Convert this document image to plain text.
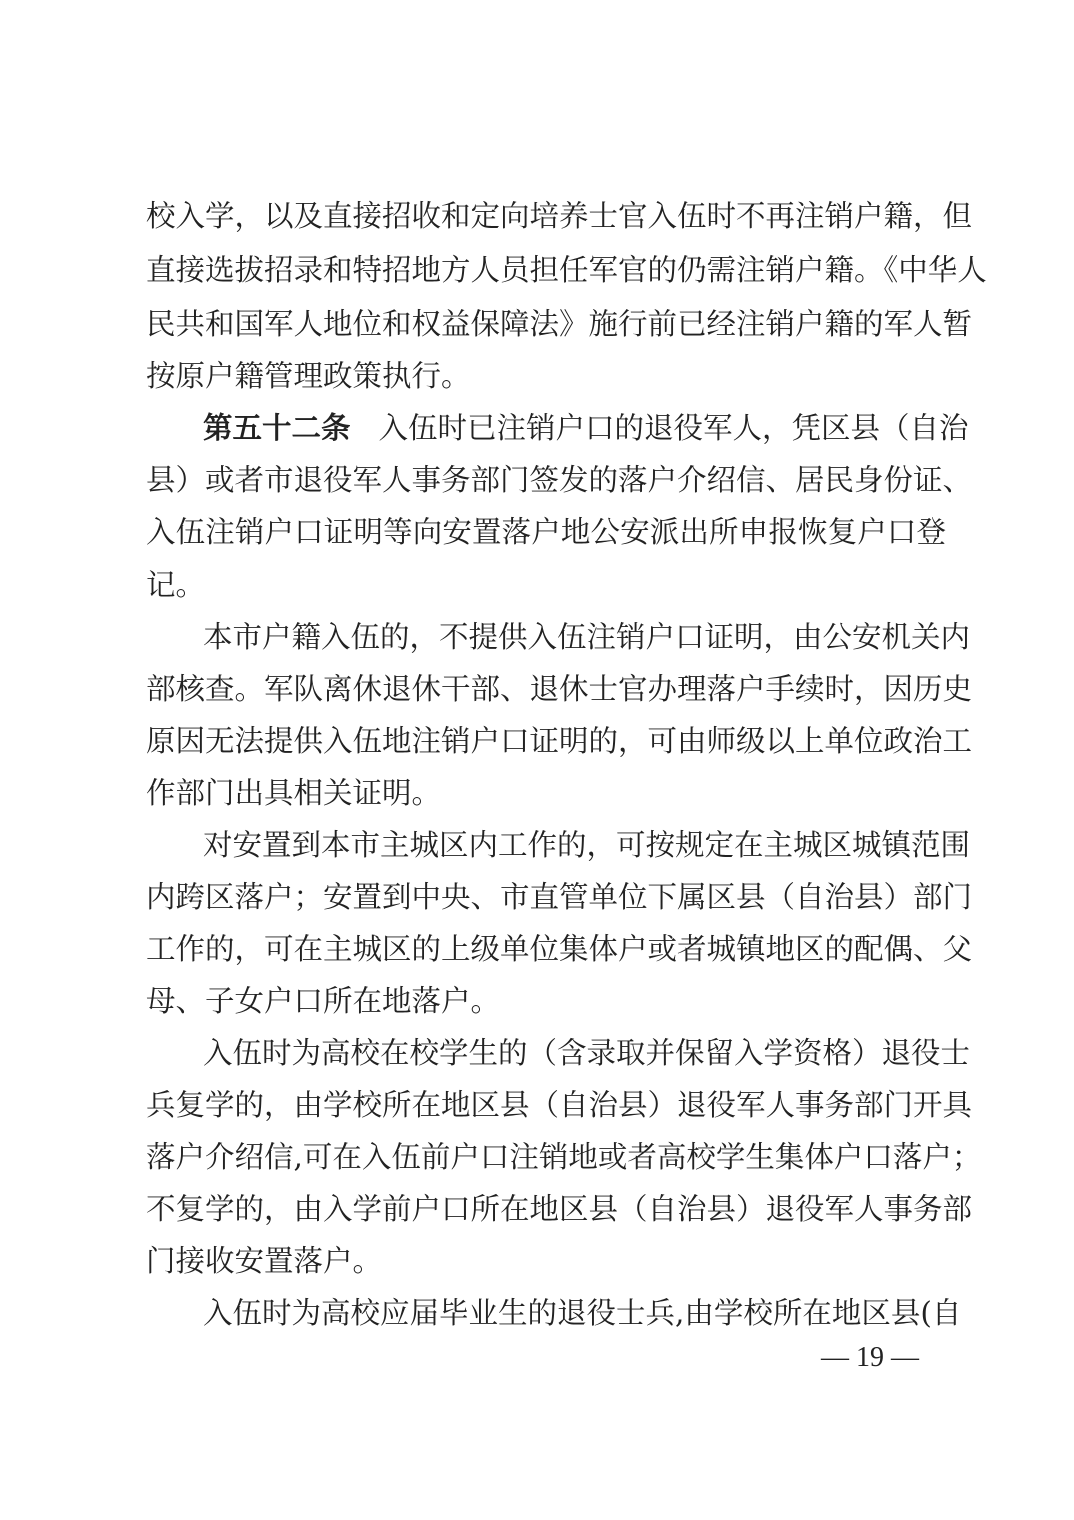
校入学，以及直接招收和定向培养士官入伍时不再注销户籍，但
直接选拔招录和特招地方人员担任军官的仍需注销户籍。《中华人
民共和国军人地位和权益保障法》施行前已经注销户籍的军人暂
按原户籍管理政策执行。
第五十二条 入伍时已注销户口的退役军人，凭区县（自治
县）或者市退役军人事务部门签发的落户介绍信、居民身份证、
入伍注销户口证明等向安置落户地公安派出所申报恢复户口登
记。
本市户籍入伍的，不提供入伍注销户口证明，由公安机关内
部核查。军队离休退休干部、退休士官办理落户手续时，因历史
原因无法提供入伍地注销户口证明的，可由师级以上单位政治工
作部门出具相关证明。
对安置到本市主城区内工作的，可按规定在主城区城镇范围
内跨区落户；安置到中央、市直管单位下属区县（自治县）部门
工作的，可在主城区的上级单位集体户或者城镇地区的配偶、父
母、子女户口所在地落户。
入伍时为高校在校学生的（含录取并保留入学资格）退役士
兵复学的，由学校所在地区县（自治县）退役军人事务部门开具
落户介绍信,可在入伍前户口注销地或者高校学生集体户口落户；
不复学的，由入学前户口所在地区县（自治县）退役军人事务部
门接收安置落户。
入伍时为高校应届毕业生的退役士兵,由学校所在地区县(自
— 19 —
